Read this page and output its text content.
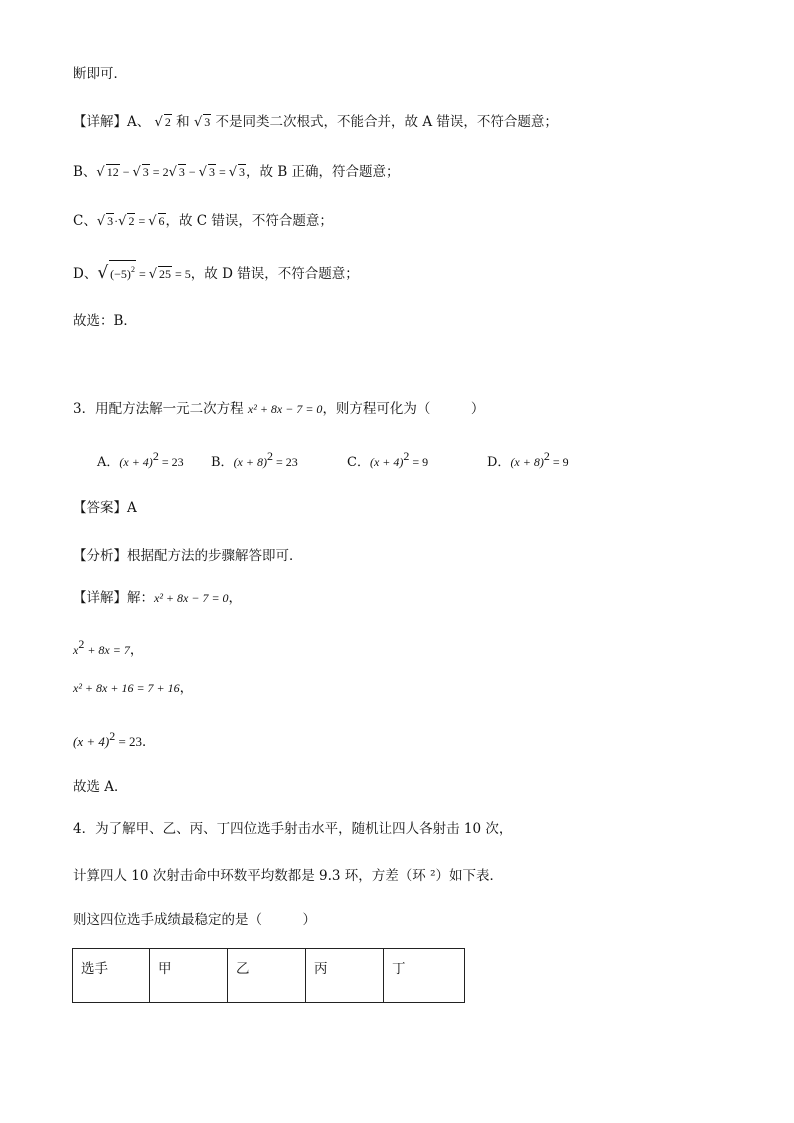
断即可．
【详解】A、 √ 2 和 √ 3 不是同类二次根式，不能合并，故 A 错误，不符合题意；
B、√ 12 − √ 3 = 2√ 3 − √ 3 = √ 3，故 B 正确，符合题意；
C、√ 3·√ 2 = √ 6，故 C 错误，不符合题意；
D、√ $(-5)^2$ = √ 25 = 5，故 D 错误，不符合题意；
故选：B．
3．用配方法解一元二次方程 x² + 8x − 7 = 0，则方程可化为（　　　）
A．$(x + 4)^2 = 23$ B．$(x + 8)^2 = 23$	C．$(x + 4)^2 = 9$	D．$(x + 8)^2 = 9$
【答案】A
【分析】根据配方法的步骤解答即可．
【详解】解：x² + 8x − 7 = 0，
$x^2 + 8x = 7$，
x² + 8x + 16 = 7 + 16，
$(x + 4)^2 = 23$．
故选 A．
4．为了解甲、乙、丙、丁四位选手射击水平，随机让四人各射击 10 次，
计算四人 10 次射击命中环数平均数都是 9.3 环，方差（环 ²）如下表．
则这四位选手成绩最稳定的是（　　　）
选手	甲	乙	丙	丁
